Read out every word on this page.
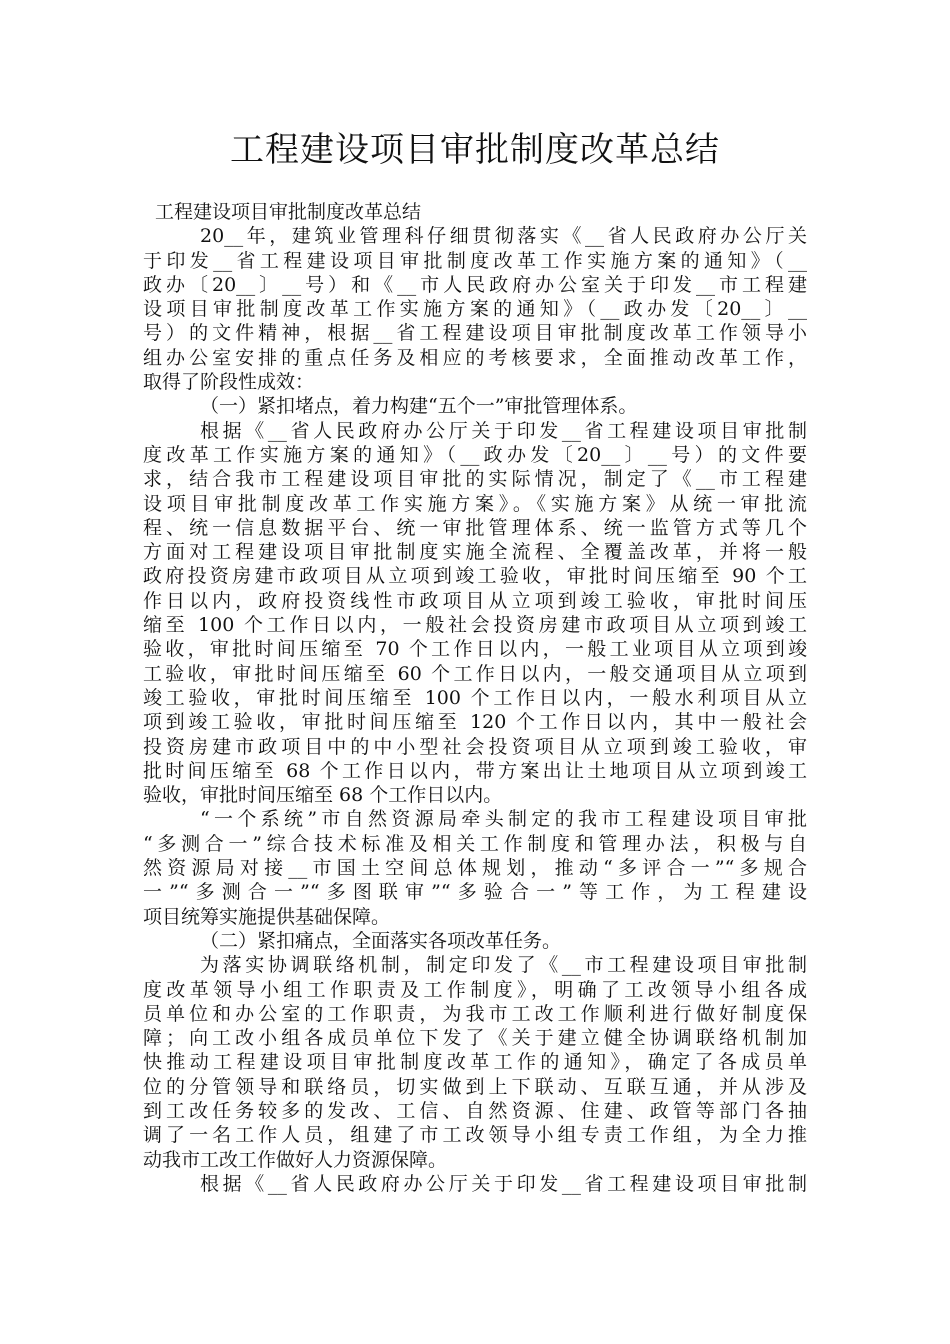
工程建设项目审批制度改革总结
工程建设项目审批制度改革总结
20__年，建筑业管理科仔细贯彻落实《__省人民政府办公厅关
于印发__省工程建设项目审批制度改革工作实施方案的通知》（__
政办〔20__〕__号）和《__市人民政府办公室关于印发__市工程建
设项目审批制度改革工作实施方案的通知》（__政办发〔20__〕__
号）的文件精神，根据__省工程建设项目审批制度改革工作领导小
组办公室安排的重点任务及相应的考核要求，全面推动改革工作，
取得了阶段性成效：
（一）紧扣堵点，着力构建“五个一”审批管理体系。
根据《__省人民政府办公厅关于印发__省工程建设项目审批制
度改革工作实施方案的通知》（__政办发〔20__〕__号）的文件要
求，结合我市工程建设项目审批的实际情况，制定了《__市工程建
设项目审批制度改革工作实施方案》。《实施方案》从统一审批流
程、统一信息数据平台、统一审批管理体系、统一监管方式等几个
方面对工程建设项目审批制度实施全流程、全覆盖改革，并将一般
政府投资房建市政项目从立项到竣工验收，审批时间压缩至 90 个工
作日以内，政府投资线性市政项目从立项到竣工验收，审批时间压
缩至 100 个工作日以内，一般社会投资房建市政项目从立项到竣工
验收，审批时间压缩至 70 个工作日以内，一般工业项目从立项到竣
工验收，审批时间压缩至 60 个工作日以内，一般交通项目从立项到
竣工验收，审批时间压缩至 100 个工作日以内，一般水利项目从立
项到竣工验收，审批时间压缩至 120 个工作日以内，其中一般社会
投资房建市政项目中的中小型社会投资项目从立项到竣工验收，审
批时间压缩至 68 个工作日以内，带方案出让土地项目从立项到竣工
验收，审批时间压缩至 68 个工作日以内。
“一个系统”市自然资源局牵头制定的我市工程建设项目审批
“多测合一”综合技术标准及相关工作制度和管理办法，积极与自
然资源局对接__市国土空间总体规划，推动“多评合一”“多规合
一”“多测合一”“多图联审”“多验合一”等工作，为工程建设
项目统筹实施提供基础保障。
（二）紧扣痛点，全面落实各项改革任务。
为落实协调联络机制，制定印发了《__市工程建设项目审批制
度改革领导小组工作职责及工作制度》，明确了工改领导小组各成
员单位和办公室的工作职责，为我市工改工作顺利进行做好制度保
障；向工改小组各成员单位下发了《关于建立健全协调联络机制加
快推动工程建设项目审批制度改革工作的通知》，确定了各成员单
位的分管领导和联络员，切实做到上下联动、互联互通，并从涉及
到工改任务较多的发改、工信、自然资源、住建、政管等部门各抽
调了一名工作人员，组建了市工改领导小组专责工作组，为全力推
动我市工改工作做好人力资源保障。
根据《__省人民政府办公厅关于印发__省工程建设项目审批制
